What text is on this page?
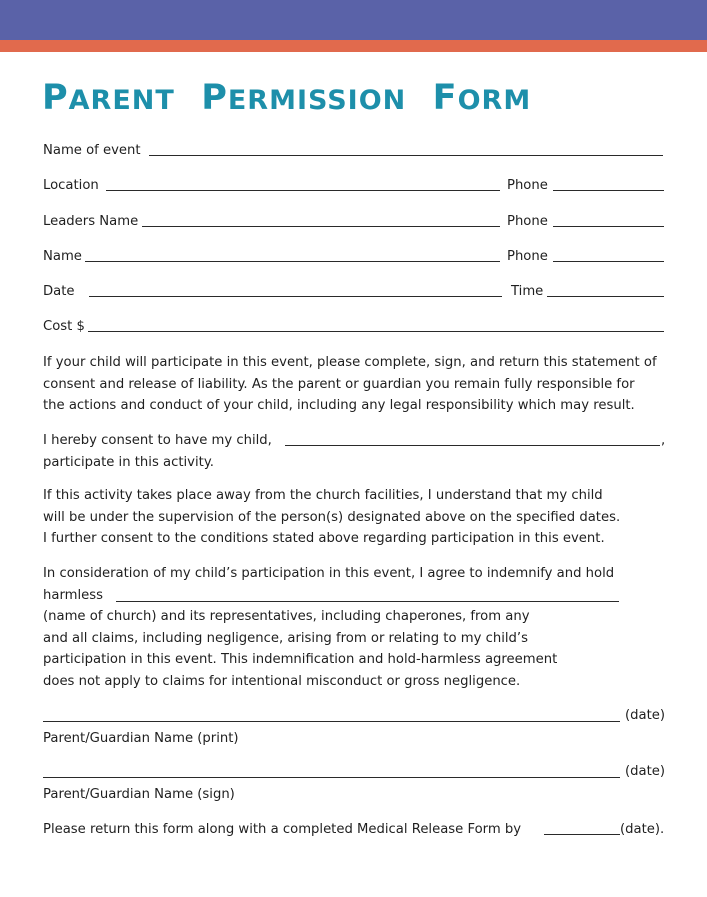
PARENT PERMISSION FORM
Name of event
Location	Phone
Leaders Name	Phone
Name	Phone
Date	Time
Cost $
If your child will participate in this event, please complete, sign, and return this statement of
consent and release of liability. As the parent or guardian you remain fully responsible for
the actions and conduct of your child, including any legal responsibility which may result.
I hereby consent to have my child,	,
participate in this activity.
If this activity takes place away from the church facilities, I understand that my child
will be under the supervision of the person(s) designated above on the specified dates.
I further consent to the conditions stated above regarding participation in this event.
In consideration of my child’s participation in this event, I agree to indemnify and hold
harmless
(name of church) and its representatives, including chaperones, from any
and all claims, including negligence, arising from or relating to my child’s
participation in this event. This indemnification and hold-harmless agreement
does not apply to claims for intentional misconduct or gross negligence.
(date)
Parent/Guardian Name (print)
(date)
Parent/Guardian Name (sign)
Please return this form along with a completed Medical Release Form by	(date).
